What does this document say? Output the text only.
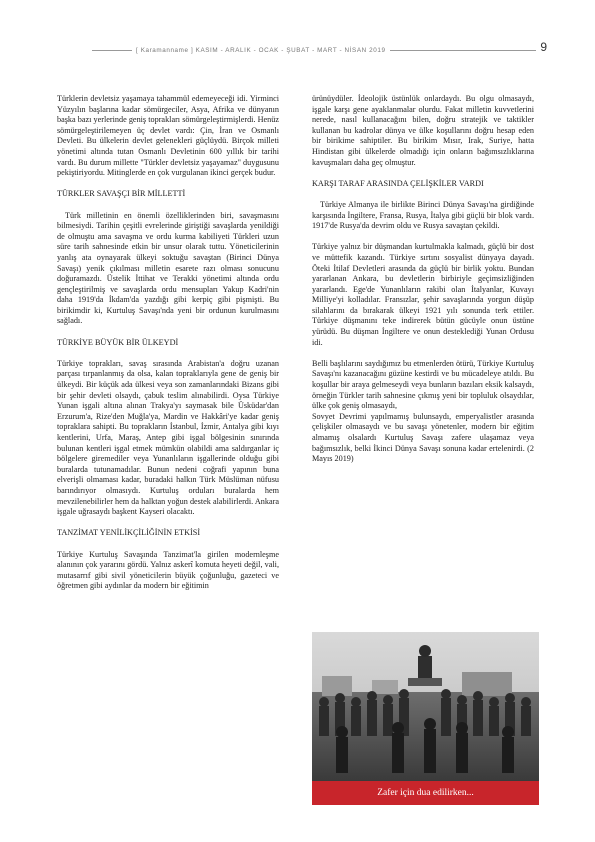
[ Karamanname ] KASIM - ARALIK - OCAK - ŞUBAT - MART - NİSAN 2019	9

Türklerin devletsiz yaşamaya tahammül edemeyeceği idi. Yirminci Yüzyılın başlarına kadar sömürgeciler, Asya, Afrika ve dünyanın başka bazı yerlerinde geniş toprakları sömürgeleştirmişlerdi. Henüz sömürgeleştirilemeyen üç devlet vardı: Çin, İran ve Osmanlı Devleti. Bu ülkelerin devlet gelenekleri güçlüydü. Birçok milleti yönetimi altında tutan Osmanlı Devletinin 600 yıllık bir tarihi vardı. Bu durum millette "Türkler devletsiz yaşayamaz" duygusunu pekiştiriyordu. Mitinglerde en çok vurgulanan ikinci gerçek budur.

TÜRKLER SAVAŞÇI BİR MİLLETTİ

Türk milletinin en önemli özelliklerinden biri, savaşmasını bilmesiydi. Tarihin çeşitli evrelerinde giriştiği savaşlarda yenildiği de olmuştu ama savaşma ve ordu kurma kabiliyeti Türkleri uzun süre tarih sahnesinde etkin bir unsur olarak tuttu. Yöneticilerinin yanlış ata oynayarak ülkeyi soktuğu savaştan (Birinci Dünya Savaşı) yenik çıkılması milletin esarete razı olması sonucunu doğuramazdı. Üstelik İttihat ve Terakki yönetimi altında ordu gençleştirilmiş ve savaşlarda ordu mensupları Yakup Kadri'nin daha 1919'da İkdam'da yazdığı gibi kerpiç gibi pişmişti. Bu birikimdir ki, Kurtuluş Savaşı'nda yeni bir ordunun kurulmasını sağladı.

TÜRKİYE BÜYÜK BİR ÜLKEYDİ

Türkiye toprakları, savaş sırasında Arabistan'a doğru uzanan parçası tırpanlanmış da olsa, kalan topraklarıyla gene de geniş bir ülkeydi. Bir küçük ada ülkesi veya son zamanlarındaki Bizans gibi bir şehir devleti olsaydı, çabuk teslim alınabilirdi. Oysa Türkiye Yunan işgali altına alınan Trakya'yı saymasak bile Üsküdar'dan Erzurum'a, Rize'den Muğla'ya, Mardin ve Hakkâri'ye kadar geniş topraklara sahipti. Bu toprakların İstanbul, İzmir, Antalya gibi kıyı kentlerini, Urfa, Maraş, Antep gibi işgal bölgesinin sınırında bulunan kentleri işgal etmek mümkün olabildi ama saldırganlar iç bölgelere giremediler veya Yunanlıların işgallerinde olduğu gibi buralarda tutunamadılar. Bunun nedeni coğrafi yapının buna elverişli olmaması kadar, buradaki halkın Türk Müslüman nüfusu barındırıyor olmasıydı. Kurtuluş orduları buralarda hem mevzilenebilirler hem da halktan yoğun destek alabilirlerdi. Ankara işgale uğrasaydı başkent Kayseri olacaktı.

TANZİMAT YENİLİKÇİLİĞİNİN ETKİSİ

Türkiye Kurtuluş Savaşında Tanzimat'la girilen modernleşme alanının çok yararını gördü. Yalnız askerî komuta heyeti değil, vali, mutasarrıf gibi sivil yöneticilerin büyük çoğunluğu, gazeteci ve öğretmen gibi aydınlar da modern bir eğitimin

ürünüydüler. İdeolojik üstünlük onlardaydı. Bu olgu olmasaydı, işgale karşı gene ayaklanmalar olurdu. Fakat milletin kuvvetlerini nerede, nasıl kullanacağını bilen, doğru stratejik ve taktikler kullanan bu kadrolar dünya ve ülke koşullarını doğru hesap eden bir birikime sahiptiler. Bu birikim Mısır, Irak, Suriye, hatta Hindistan gibi ülkelerde olmadığı için onların bağımsızlıklarına kavuşmaları daha geç olmuştur.

KARŞI TARAF ARASINDA ÇELİŞKİLER VARDI

Türkiye Almanya ile birlikte Birinci Dünya Savaşı'na girdiğinde karşısında İngiltere, Fransa, Rusya, İtalya gibi güçlü bir blok vardı. 1917'de Rusya'da devrim oldu ve Rusya savaştan çekildi.

Türkiye yalnız bir düşmandan kurtulmakla kalmadı, güçlü bir dost ve müttefik kazandı. Türkiye sırtını sosyalist dünyaya dayadı. Öteki İtilaf Devletleri arasında da güçlü bir birlik yoktu. Bundan yararlanan Ankara, bu devletlerin birbiriyle geçimsizliğinden yararlandı. Ege'de Yunanlıların rakibi olan İtalyanlar, Kuvayı Milliye'yi kolladılar. Fransızlar, şehir savaşlarında yorgun düşüp silahlarını da bırakarak ülkeyi 1921 yılı sonunda terk ettiler. Türkiye düşmanını teke indirerek bütün gücüyle onun üstüne yürüdü. Bu düşman İngiltere ve onun desteklediği Yunan Ordusu idi.

Belli başlılarını saydığımız bu etmenlerden ötürü, Türkiye Kurtuluş Savaşı'nı kazanacağını güzüne kestirdi ve bu mücadeleye atıldı. Bu koşullar bir araya gelmeseydi veya bunların bazıları eksik kalsaydı, örneğin Türkler tarih sahnesine çıkmış yeni bir topluluk olsaydılar, ülke çok geniş olmasaydı,

Sovyet Devrimi yapılmamış bulunsaydı, emperyalistler arasında çelişkiler olmasaydı ve bu savaşı yönetenler, modern bir eğitim almamış olsalardı Kurtuluş Savaşı zafere ulaşamaz veya bağımsızlık, belki İkinci Dünya Savaşı sonuna kadar ertelenirdi. (2 Mayıs 2019)

Zafer için dua edilirken...
